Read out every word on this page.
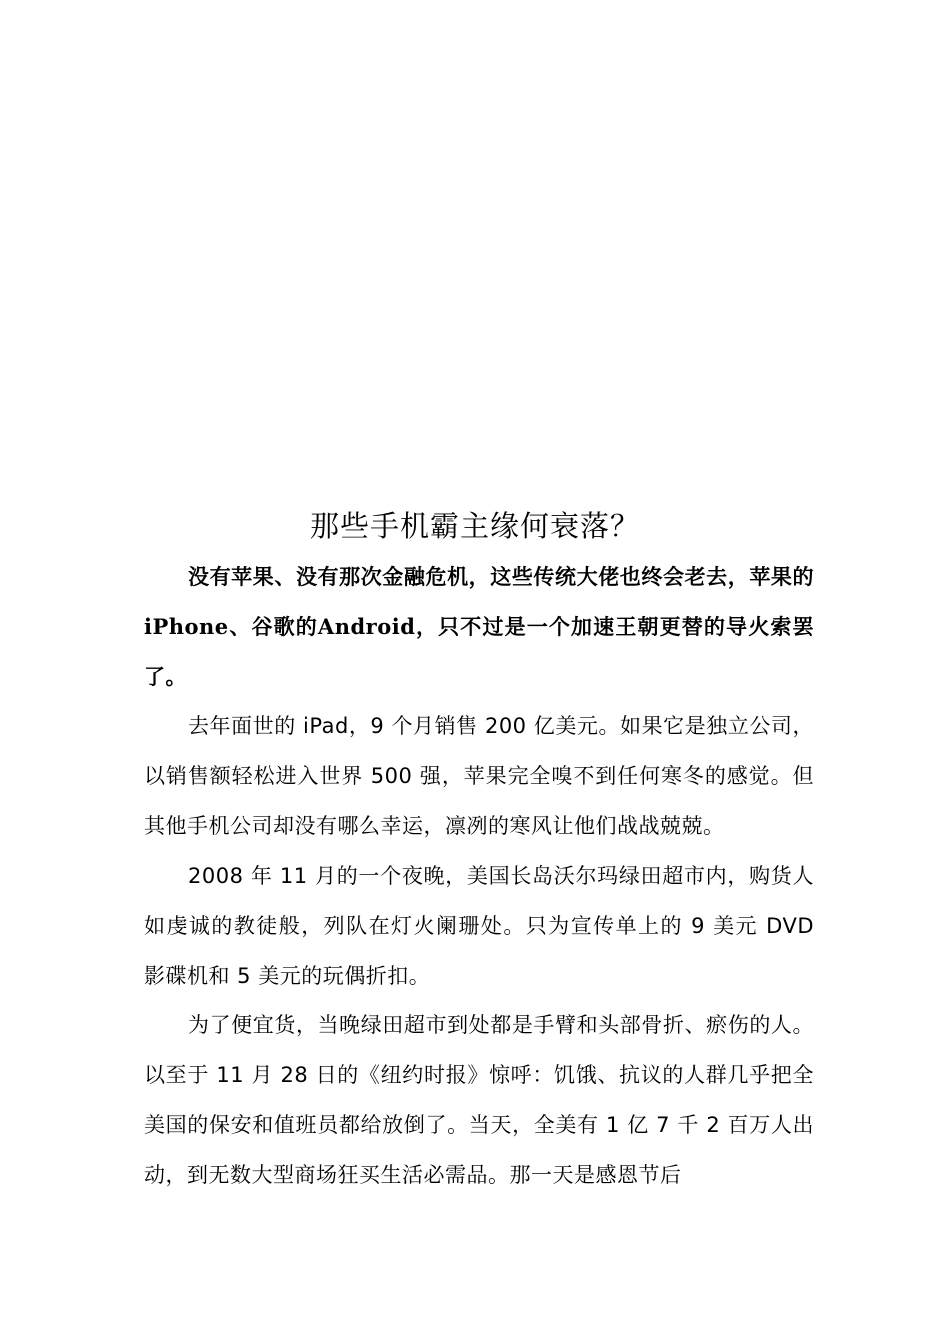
那些手机霸主缘何衰落？

没有苹果、没有那次金融危机，这些传统大佬也终会老去，苹果的iPhone、谷歌的Android，只不过是一个加速王朝更替的导火索罢了。

去年面世的 iPad，9 个月销售 200 亿美元。如果它是独立公司，以销售额轻松进入世界 500 强，苹果完全嗅不到任何寒冬的感觉。但其他手机公司却没有哪么幸运，凛冽的寒风让他们战战兢兢。

2008 年 11 月的一个夜晚，美国长岛沃尔玛绿田超市内，购货人如虔诚的教徒般，列队在灯火阑珊处。只为宣传单上的 9 美元 DVD 影碟机和 5 美元的玩偶折扣。

为了便宜货，当晚绿田超市到处都是手臂和头部骨折、瘀伤的人。以至于 11 月 28 日的《纽约时报》惊呼：饥饿、抗议的人群几乎把全美国的保安和值班员都给放倒了。当天，全美有 1 亿 7 千 2 百万人出动，到无数大型商场狂买生活必需品。那一天是感恩节后
